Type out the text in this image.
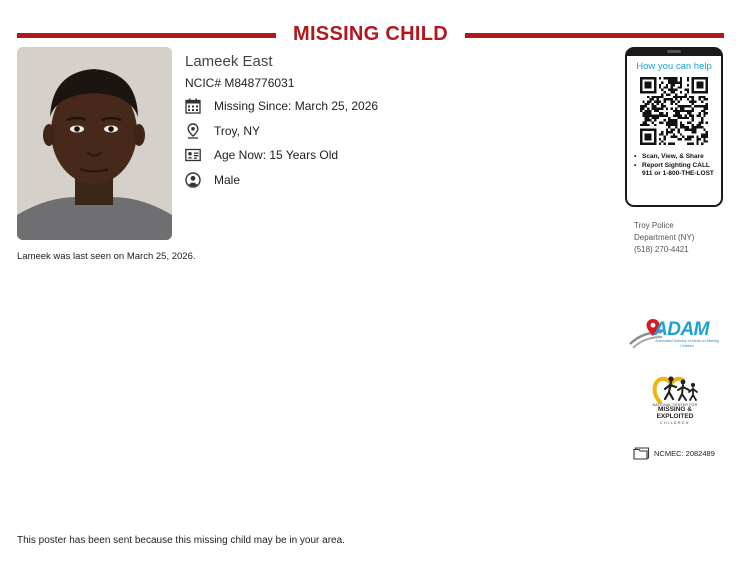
MISSING CHILD
Lameek East
NCIC# M848776031
Missing Since: March 25, 2026
Troy, NY
Age Now: 15 Years Old
Male
Lameek was last seen on March 25, 2026.
How you can help
• Scan, View, & Share
• Report Sighting CALL 911 or 1-800-THE-LOST
Troy Police
Department (NY)
(518) 270-4421
ADAM
Automated Delivery of Alerts on Missing Children
NATIONAL CENTER FOR
MISSING &
EXPLOITED
CHILDREN
NCMEC: 2082489
This poster has been sent because this missing child may be in your area.
